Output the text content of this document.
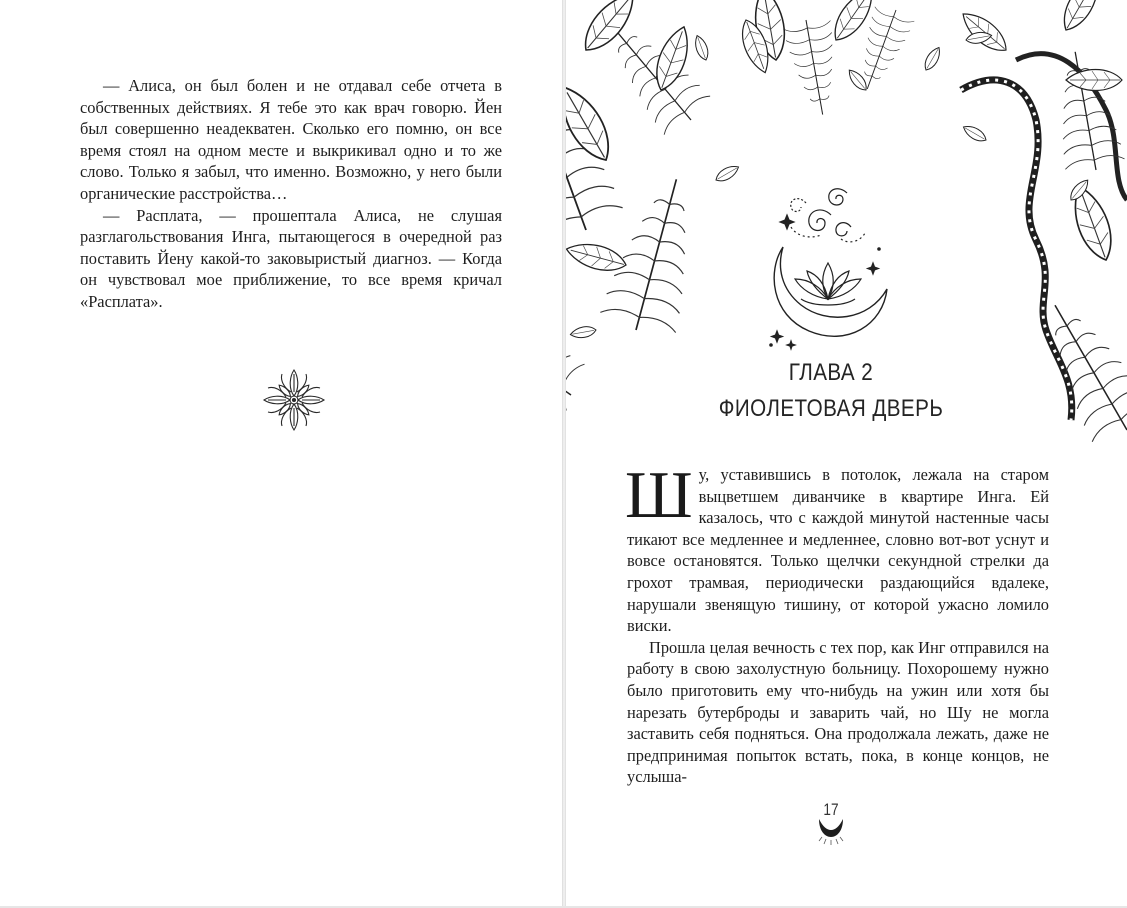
— Алиса, он был болен и не отдавал себе отчета в собственных действиях. Я тебе это как врач говорю. Йен был совершенно неадекватен. Сколько его помню, он все время стоял на одном месте и выкрикивал одно и то же слово. Только я забыл, что именно. Возможно, у него были органические расстройства…

— Расплата, — прошептала Алиса, не слушая разглагольствования Инга, пытающегося в очередной раз поставить Йену какой-то заковыристый диагноз. — Когда он чувствовал мое приближение, то все время кричал «Расплата».

ГЛАВА 2
ФИОЛЕТОВАЯ ДВЕРЬ

Шу, уставившись в потолок, лежала на старом выцветшем диванчике в квартире Инга. Ей казалось, что с каждой минутой настенные часы тикают все медленнее и медленнее, словно вот-вот уснут и вовсе остановятся. Только щелчки секундной стрелки да грохот трамвая, периодически раздающийся вдалеке, нарушали звенящую тишину, от которой ужасно ломило виски.

Прошла целая вечность с тех пор, как Инг отправился на работу в свою захолустную больницу. Похорошему нужно было приготовить ему что-нибудь на ужин или хотя бы нарезать бутерброды и заварить чай, но Шу не могла заставить себя подняться. Она продолжала лежать, даже не предпринимая попыток встать, пока, в конце концов, не услыша-

17
